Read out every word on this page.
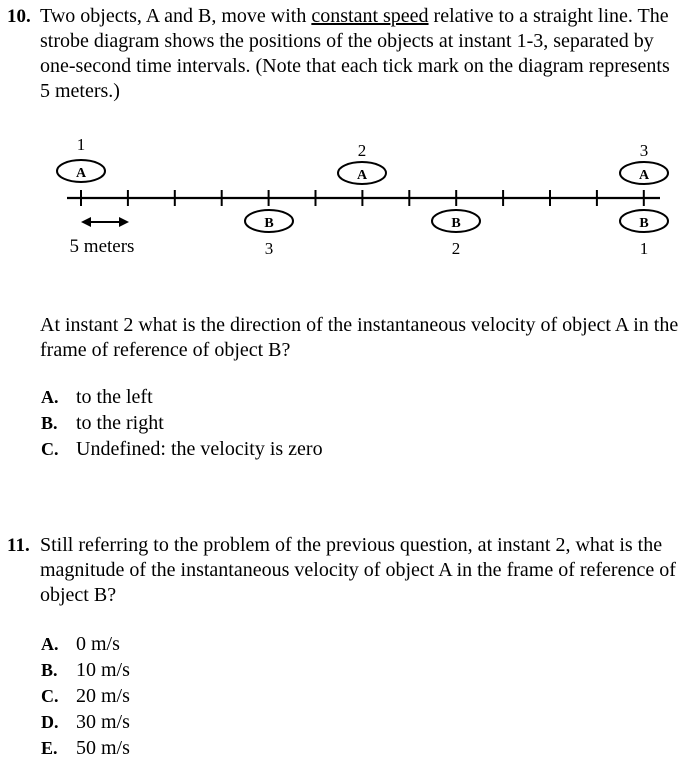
10. Two objects, A and B, move with constant speed relative to a straight line. The strobe diagram shows the positions of the objects at instant 1-3, separated by one-second time intervals. (Note that each tick mark on the diagram represents 5 meters.)
1
A
2
A
3
A
B
3
B
2
B
1
5 meters
At instant 2 what is the direction of the instantaneous velocity of object A in the frame of reference of object B?
A. to the left
B. to the right
C. Undefined: the velocity is zero
11. Still referring to the problem of the previous question, at instant 2, what is the magnitude of the instantaneous velocity of object A in the frame of reference of object B?
A. 0 m/s
B. 10 m/s
C. 20 m/s
D. 30 m/s
E. 50 m/s
